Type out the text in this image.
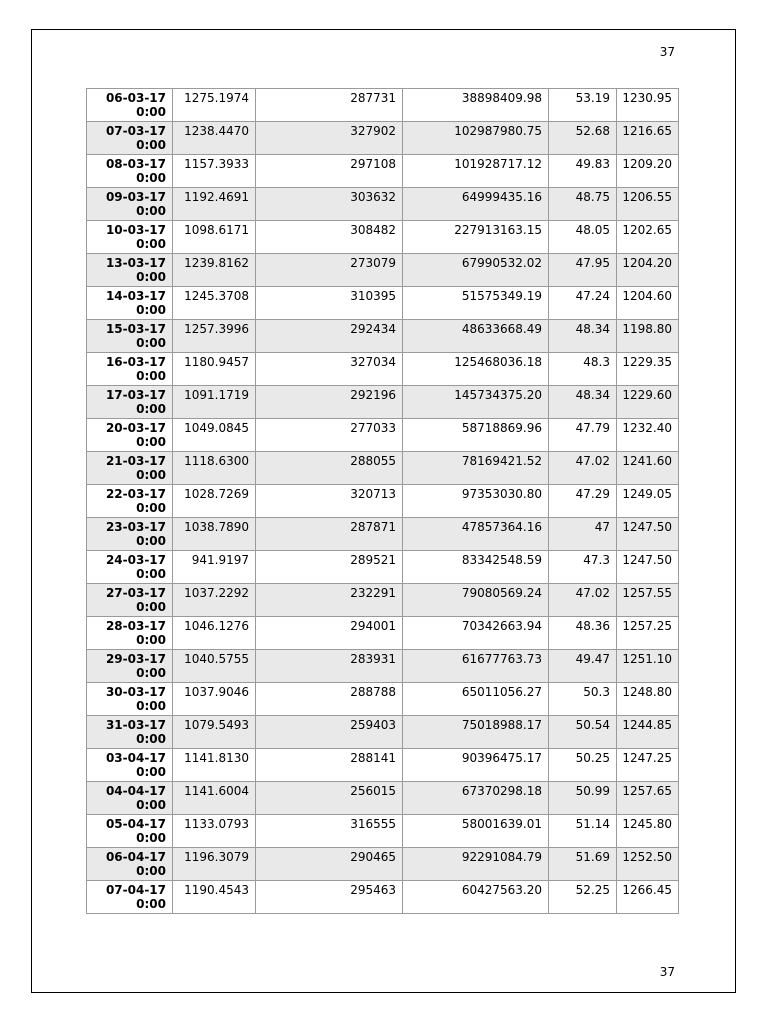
37
06-03-17
0:00	1275.1974	287731	38898409.98	53.19	1230.95

07-03-17
0:00	1238.4470	327902	102987980.75	52.68	1216.65

08-03-17
0:00	1157.3933	297108	101928717.12	49.83	1209.20

09-03-17
0:00	1192.4691	303632	64999435.16	48.75	1206.55

10-03-17
0:00	1098.6171	308482	227913163.15	48.05	1202.65

13-03-17
0:00	1239.8162	273079	67990532.02	47.95	1204.20

14-03-17
0:00	1245.3708	310395	51575349.19	47.24	1204.60

15-03-17
0:00	1257.3996	292434	48633668.49	48.34	1198.80

16-03-17
0:00	1180.9457	327034	125468036.18	48.3	1229.35

17-03-17
0:00	1091.1719	292196	145734375.20	48.34	1229.60

20-03-17
0:00	1049.0845	277033	58718869.96	47.79	1232.40

21-03-17
0:00	1118.6300	288055	78169421.52	47.02	1241.60

22-03-17
0:00	1028.7269	320713	97353030.80	47.29	1249.05

23-03-17
0:00	1038.7890	287871	47857364.16	47	1247.50

24-03-17
0:00	941.9197	289521	83342548.59	47.3	1247.50

27-03-17
0:00	1037.2292	232291	79080569.24	47.02	1257.55

28-03-17
0:00	1046.1276	294001	70342663.94	48.36	1257.25

29-03-17
0:00	1040.5755	283931	61677763.73	49.47	1251.10

30-03-17
0:00	1037.9046	288788	65011056.27	50.3	1248.80

31-03-17
0:00	1079.5493	259403	75018988.17	50.54	1244.85

03-04-17
0:00	1141.8130	288141	90396475.17	50.25	1247.25

04-04-17
0:00	1141.6004	256015	67370298.18	50.99	1257.65

05-04-17
0:00	1133.0793	316555	58001639.01	51.14	1245.80

06-04-17
0:00	1196.3079	290465	92291084.79	51.69	1252.50

07-04-17
0:00	1190.4543	295463	60427563.20	52.25	1266.45
37
